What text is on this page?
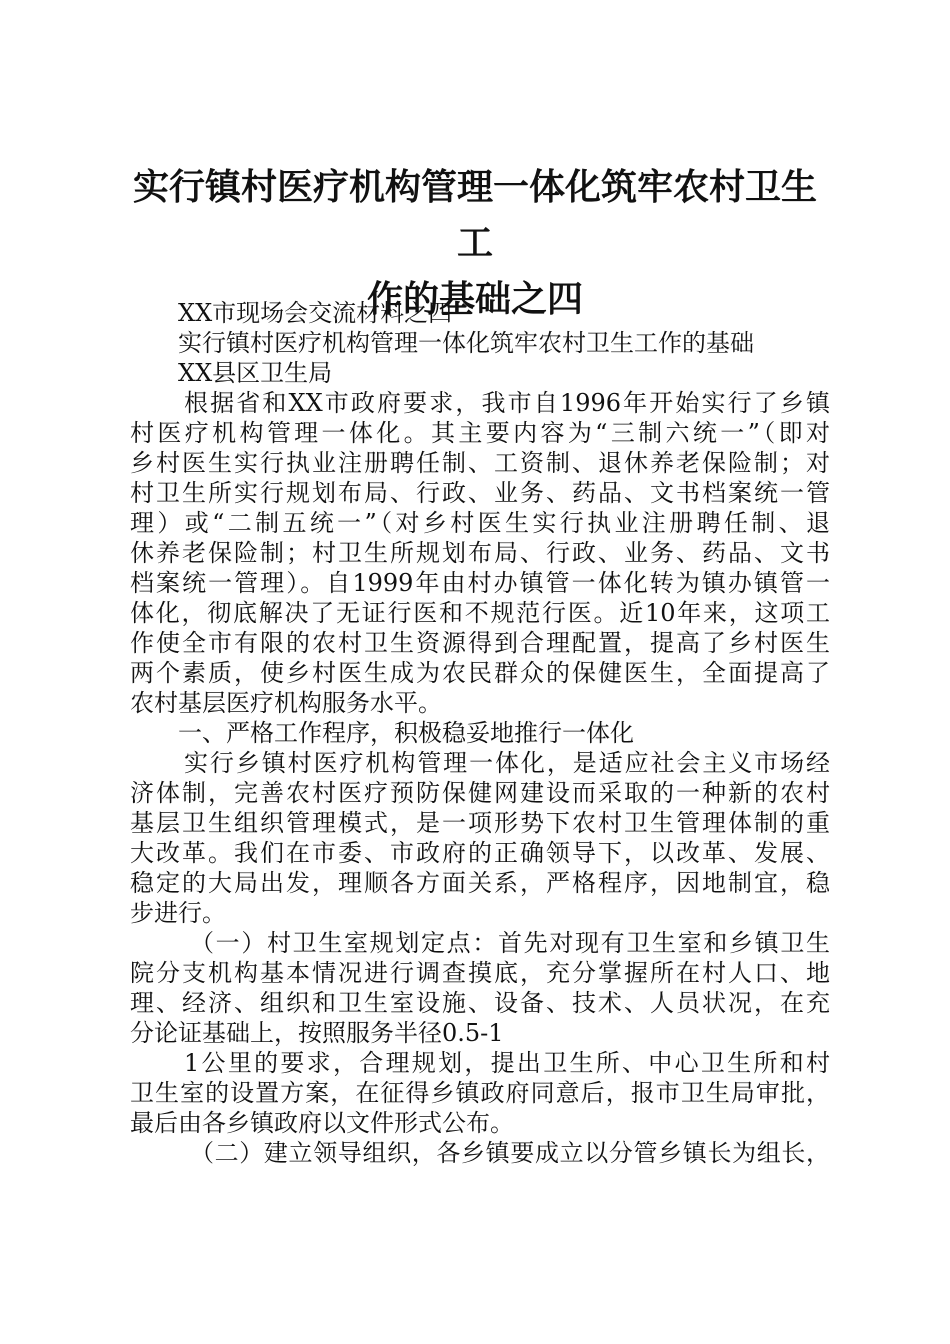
实行镇村医疗机构管理一体化筑牢农村卫生工
作的基础之四
XX市现场会交流材料之四
实行镇村医疗机构管理一体化筑牢农村卫生工作的基础
XX县区卫生局
根据省和XX市政府要求，我市自1996年开始实行了乡镇
村医疗机构管理一体化。其主要内容为“三制六统一”（即对
乡村医生实行执业注册聘任制、工资制、退休养老保险制；对
村卫生所实行规划布局、行政、业务、药品、文书档案统一管
理）或“二制五统一”（对乡村医生实行执业注册聘任制、退
休养老保险制；村卫生所规划布局、行政、业务、药品、文书
档案统一管理）。自1999年由村办镇管一体化转为镇办镇管一
体化，彻底解决了无证行医和不规范行医。近10年来，这项工
作使全市有限的农村卫生资源得到合理配置，提高了乡村医生
两个素质，使乡村医生成为农民群众的保健医生，全面提高了
农村基层医疗机构服务水平。
一、严格工作程序，积极稳妥地推行一体化
实行乡镇村医疗机构管理一体化，是适应社会主义市场经
济体制，完善农村医疗预防保健网建设而采取的一种新的农村
基层卫生组织管理模式，是一项形势下农村卫生管理体制的重
大改革。我们在市委、市政府的正确领导下，以改革、发展、
稳定的大局出发，理顺各方面关系，严格程序，因地制宜，稳
步进行。
（一）村卫生室规划定点：首先对现有卫生室和乡镇卫生
院分支机构基本情况进行调查摸底，充分掌握所在村人口、地
理、经济、组织和卫生室设施、设备、技术、人员状况，在充
分论证基础上，按照服务半径0.5-1
1公里的要求，合理规划，提出卫生所、中心卫生所和村
卫生室的设置方案，在征得乡镇政府同意后，报市卫生局审批，
最后由各乡镇政府以文件形式公布。
（二）建立领导组织，各乡镇要成立以分管乡镇长为组长，
